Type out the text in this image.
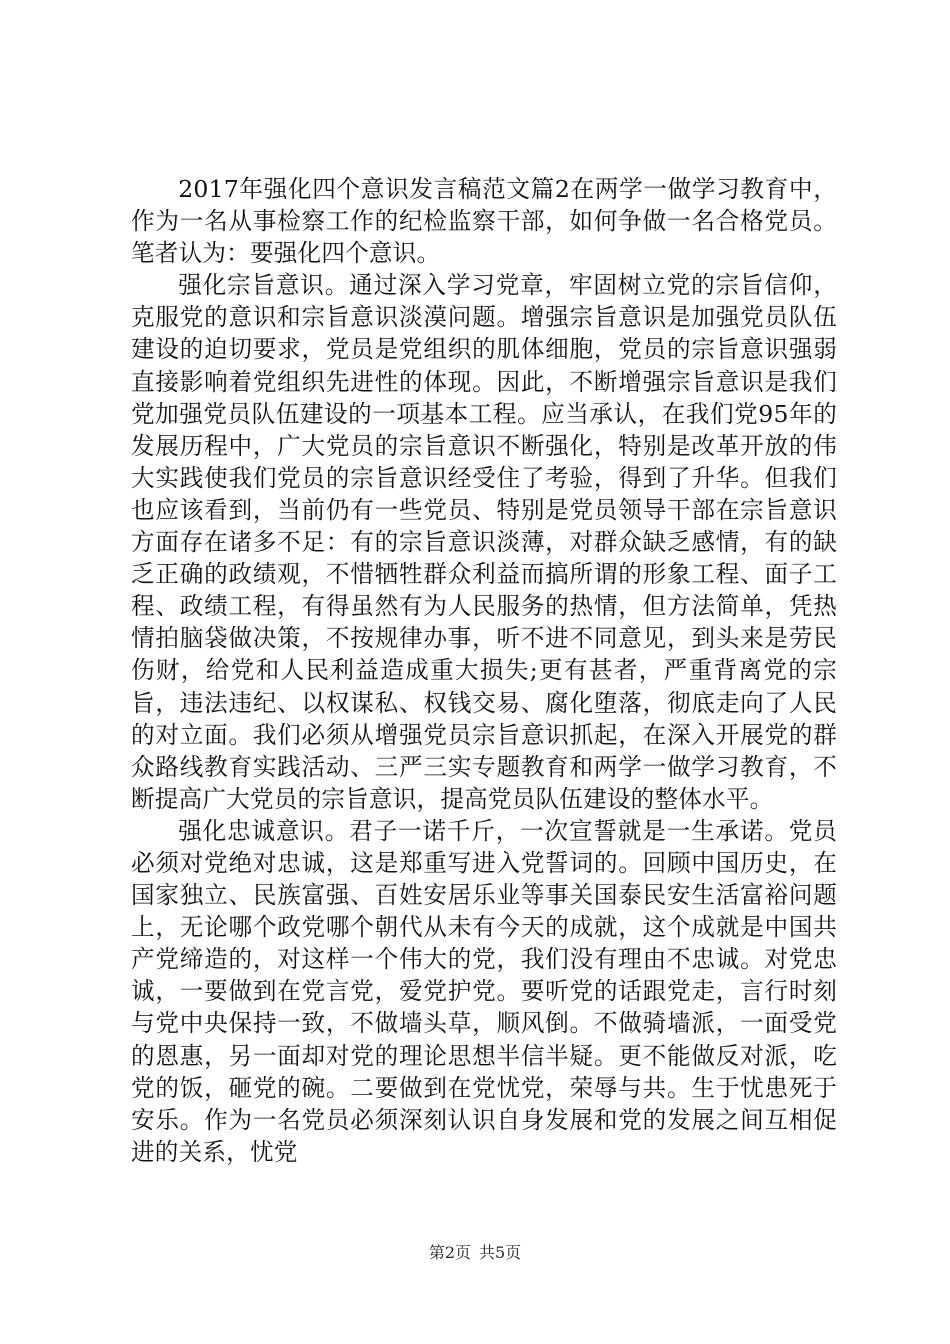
2017年强化四个意识发言稿范文篇2在两学一做学习教育中，作为一名从事检察工作的纪检监察干部，如何争做一名合格党员。笔者认为：要强化四个意识。

强化宗旨意识。通过深入学习党章，牢固树立党的宗旨信仰，克服党的意识和宗旨意识淡漠问题。增强宗旨意识是加强党员队伍建设的迫切要求，党员是党组织的肌体细胞，党员的宗旨意识强弱直接影响着党组织先进性的体现。因此，不断增强宗旨意识是我们党加强党员队伍建设的一项基本工程。应当承认，在我们党95年的发展历程中，广大党员的宗旨意识不断强化，特别是改革开放的伟大实践使我们党员的宗旨意识经受住了考验，得到了升华。但我们也应该看到，当前仍有一些党员、特别是党员领导干部在宗旨意识方面存在诸多不足：有的宗旨意识淡薄，对群众缺乏感情，有的缺乏正确的政绩观，不惜牺牲群众利益而搞所谓的形象工程、面子工程、政绩工程，有得虽然有为人民服务的热情，但方法简单，凭热情拍脑袋做决策，不按规律办事，听不进不同意见，到头来是劳民伤财，给党和人民利益造成重大损失;更有甚者，严重背离党的宗旨，违法违纪、以权谋私、权钱交易、腐化堕落，彻底走向了人民的对立面。我们必须从增强党员宗旨意识抓起，在深入开展党的群众路线教育实践活动、三严三实专题教育和两学一做学习教育，不断提高广大党员的宗旨意识，提高党员队伍建设的整体水平。

强化忠诚意识。君子一诺千斤，一次宣誓就是一生承诺。党员必须对党绝对忠诚，这是郑重写进入党誓词的。回顾中国历史，在国家独立、民族富强、百姓安居乐业等事关国泰民安生活富裕问题上，无论哪个政党哪个朝代从未有今天的成就，这个成就是中国共产党缔造的，对这样一个伟大的党，我们没有理由不忠诚。对党忠诚，一要做到在党言党，爱党护党。要听党的话跟党走，言行时刻与党中央保持一致，不做墙头草，顺风倒。不做骑墙派，一面受党的恩惠，另一面却对党的理论思想半信半疑。更不能做反对派，吃党的饭，砸党的碗。二要做到在党忧党，荣辱与共。生于忧患死于安乐。作为一名党员必须深刻认识自身发展和党的发展之间互相促进的关系，忧党

第2页 共5页
